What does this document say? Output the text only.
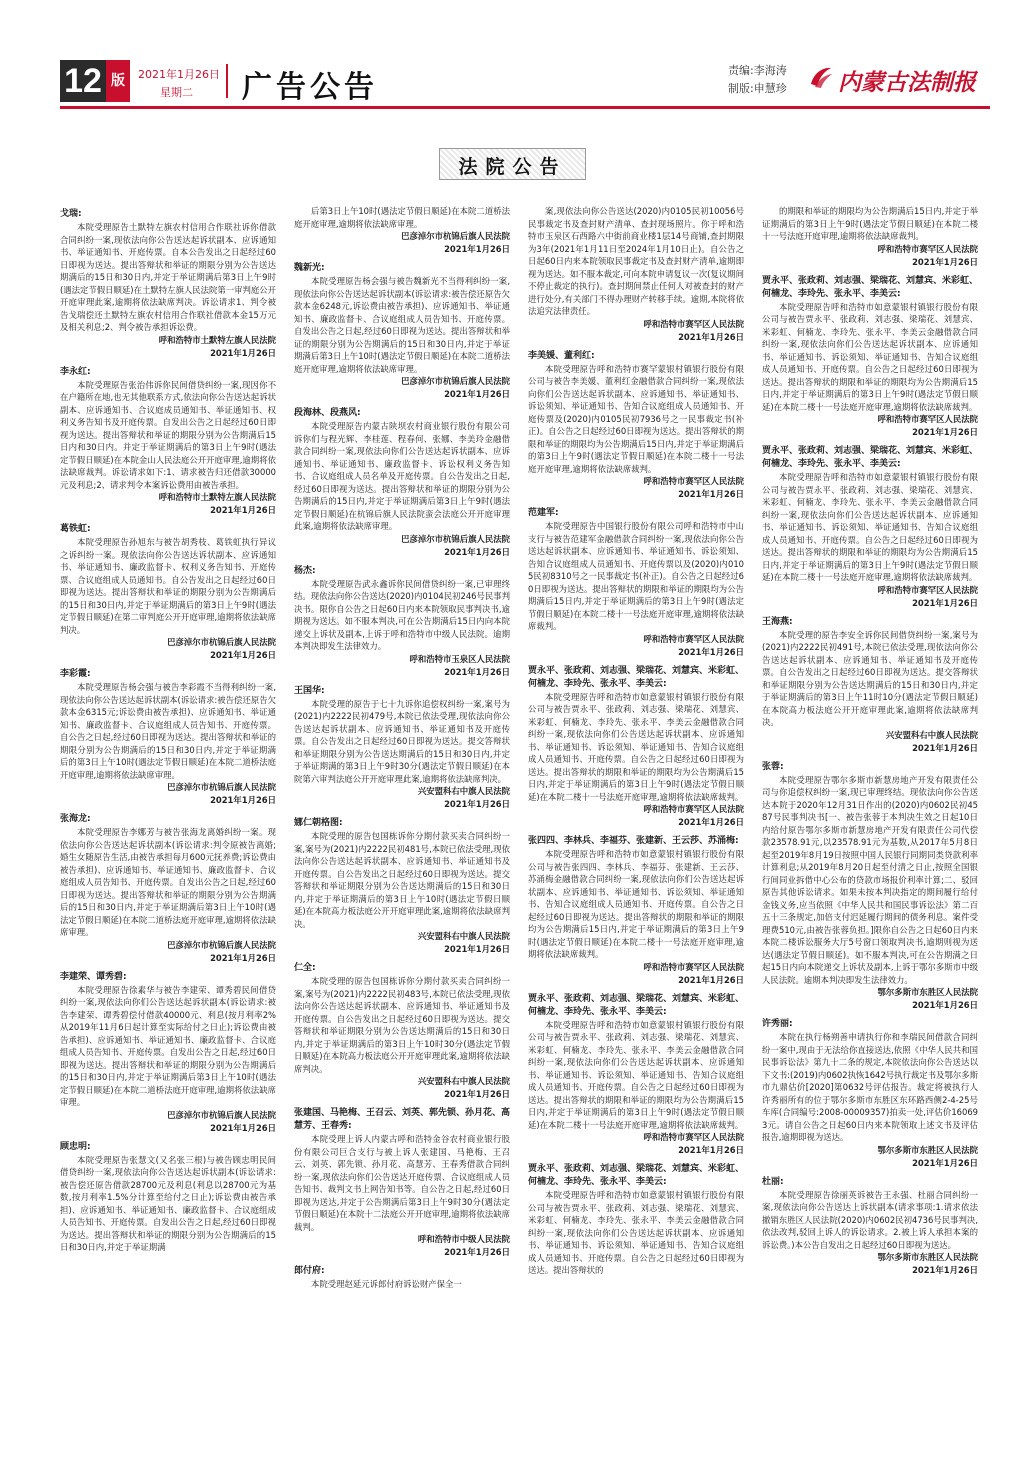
12 版	2021年1月26日
星期二 广告公告	责编:李海涛
制版:申慧珍 内蒙古法制报
法院公告
戈瑞:
本院受理原告土默特左旗农村信用合作联社诉你借款合同纠纷一案,现依法向你公告送达起诉状副本、应诉通知书、举证通知书、开庭传票。自本公告发出之日起经过60日即视为送达。提出答辩状和举证的期限分别为公告送达期满后的15日和30日内,并定于举证期满后第3日上午9时(遇法定节假日顺延)在土默特左旗人民法院第一审判庭公开开庭审理此案,逾期将依法缺席判决。诉讼请求1、判令被告戈瑞偿还土默特左旗农村信用合作联社借款本金15万元及相关利息;2、判令被告承担诉讼费。
呼和浩特市土默特左旗人民法院
2021年1月26日
李永红:
本院受理原告张治伟诉你民间借贷纠纷一案,现因你不在户籍所在地,也无其他联系方式,依法向你公告送达起诉状副本、应诉通知书、合议庭成员通知书、举证通知书、权利义务告知书及开庭传票。自发出公告之日起经过60日即视为送达。提出答辩状和举证的期限分别为公告期满后15日内和30日内。并定于举证期满后的第3日上午9时(遇法定节假日顺延)在本院金山人民法庭公开开庭审理,逾期将依法缺席裁判。诉讼请求如下:1、请求被告归还借款30000元及利息;2、请求判令本案诉讼费用由被告承担。
呼和浩特市土默特左旗人民法院
2021年1月26日
葛铁虹:
本院受理原告孙旭东与被告胡秀枝、葛铁虹执行异议之诉纠纷一案。现依法向你公告送达诉状副本、应诉通知书、举证通知书、廉政监督卡、权利义务告知书、开庭传票、合议庭组成人员通知书。自公告发出之日起经过60日即视为送达。提出答辩状和举证的期限分别为公告期满后的15日和30日内,并定于举证期满后的第3日上午9时(遇法定节假日顺延)在第二审判庭公开开庭审理,逾期将依法缺席判决。
巴彦淖尔市杭锦后旗人民法院
2021年1月26日
李彩霞:
本院受理原告杨会强与被告李彩霞不当得利纠纷一案,现依法向你公告送达起诉状副本(诉讼请求:被告偿还原告欠款本金6315元;诉讼费由被告承担)、应诉通知书、举证通知书、廉政监督卡、合议庭组成人员告知书、开庭传票。自公告之日起,经过60日即视为送达。提出答辩状和举证的期限分别为公告期满后的15日和30日内,并定于举证期满后的第3日上午10时(遇法定节假日顺延)在本院二道桥法庭开庭审理,逾期将依法缺席审理。
巴彦淖尔市杭锦后旗人民法院
2021年1月26日
张海龙:
本院受理原告李娜芳与被告张海龙离婚纠纷一案。现依法向你公告送达起诉状副本(诉讼请求:判令原被告离婚;婚生女随原告生活,由被告承担每月600元抚养费;诉讼费由被告承担)、应诉通知书、举证通知书、廉政监督卡、合议庭组成人员告知书、开庭传票。自发出公告之日起,经过60日即视为送达。提出答辩状和举证的期限分别为公告期满后的15日和30日内,并定于举证期满后第3日上午10时(遇法定节假日顺延)在本院二道桥法庭开庭审理,逾期将依法缺席审理。
巴彦淖尔市杭锦后旗人民法院
2021年1月26日
李建荣、谭秀碧:
本院受理原告徐素华与被告李建荣、谭秀碧民间借贷纠纷一案,现依法向你们公告送达起诉状副本(诉讼请求:被告李建荣、谭秀碧偿付借款40000元、利息(按月利率2%从2019年11月6日起计算至实际给付之日止);诉讼费由被告承担)、应诉通知书、举证通知书、廉政监督卡、合议庭组成人员告知书、开庭传票。自发出公告之日起,经过60日即视为送达。提出答辩状和举证的期限分别为公告期满后的15日和30日内,并定于举证期满后第3日上午10时(遇法定节假日顺延)在本院二道桥法庭开庭审理,逾期将依法缺席审理。
巴彦淖尔市杭锦后旗人民法院
2021年1月26日
顾忠明:
本院受理原告张慧文(又名张三根)与被告顾忠明民间借贷纠纷一案,现依法向你公告送达起诉状副本(诉讼请求:被告偿还原告借款28700元及利息(利息以28700元为基数,按月利率1.5%分计算至给付之日止);诉讼费由被告承担)、应诉通知书、举证通知书、廉政监督卡、合议庭组成人员告知书、开庭传票。自发出公告之日起,经过60日即视为送达。提出答辩状和举证的期限分别为公告期满后的15日和30日内,并定于举证期满
后第3日上午10时(遇法定节假日顺延)在本院二道桥法庭开庭审理,逾期将依法缺席审理。
巴彦淖尔市杭锦后旗人民法院
2021年1月26日
魏新光:
本院受理原告杨会强与被告魏新光不当得利纠纷一案,现依法向你公告送达起诉状副本(诉讼请求:被告偿还原告欠款本金6248元,诉讼费由被告承担)、应诉通知书、举证通知书、廉政监督卡、合议庭组成人员告知书、开庭传票。自发出公告之日起,经过60日即视为送达。提出答辩状和举证的期限分别为公告期满后的15日和30日内,并定于举证期满后第3日上午10时(遇法定节假日顺延)在本院二道桥法庭开庭审理,逾期将依法缺席审理。
巴彦淖尔市杭锦后旗人民法院
2021年1月26日
段海林、段燕风:
本院受理原告内蒙古陕坝农村商业银行股份有限公司诉你们与程光辉、李桂莲、程春何、张娜、李美玲金融借款合同纠纷一案,现依法向你们公告送达起诉状副本、应诉通知书、举证通知书、廉政监督卡、诉讼权利义务告知书、合议庭组成人员名单及开庭传票。自公告发出之日起,经过60日即视为送达。提出答辩状和举证的期限分别为公告期满后的15日内,并定于举证期满后第3日上午9时(遇法定节假日顺延)在杭锦后旗人民法院蛮会法庭公开开庭审理此案,逾期将依法缺席审理。
巴彦淖尔市杭锦后旗人民法院
2021年1月26日
杨杰:
本院受理原告武永鑫诉你民间借贷纠纷一案,已审理终结。现依法向你公告送达(2020)内0104民初246号民事判决书。限你自公告之日起60日内来本院领取民事判决书,逾期视为送达。如不服本判决,可在公告期满后15日内向本院递交上诉状及副本,上诉于呼和浩特市中级人民法院。逾期本判决即发生法律效力。
呼和浩特市玉泉区人民法院
2021年1月26日
王国华:
本院受理的原告于七十九诉你追偿权纠纷一案,案号为(2021)内2222民初479号,本院已依法受理,现依法向你公告送达起诉状副本、应诉通知书、举证通知书及开庭传票。自公告发出之日起经过60日即视为送达。提交答辩状和举证期限分别为公告送达期满后的15日和30日内,并定于举证期满的第3日上午9时30分(遇法定节假日顺延)在本院第六审判法庭公开开庭审理此案,逾期将依法缺席判决。
兴安盟科右中旗人民法院
2021年1月26日
娜仁朝格图:
本院受理的原告包国栋诉你分期付款买卖合同纠纷一案,案号为(2021)内2222民初481号,本院已依法受理,现依法向你公告送达起诉状副本、应诉通知书、举证通知书及开庭传票。自公告发出之日起经过60日即视为送达。提交答辩状和举证期限分别为公告送达期满后的15日和30日内,并定于举证期满后的第3日上午10时(遇法定节假日顺延)在本院高力板法庭公开开庭审理此案,逾期将依法缺席判决。
兴安盟科右中旗人民法院
2021年1月26日
仁全:
本院受理的原告包国栋诉你分期付款买卖合同纠纷一案,案号为(2021)内2222民初483号,本院已依法受理,现依法向你公告送达起诉状副本、应诉通知书、举证通知书及开庭传票。自公告发出之日起经过60日即视为送达。提交答辩状和举证期限分别为公告送达期满后的15日和30日内,并定于举证期满后的第3日上午10时30分(遇法定节假日顺延)在本院高力板法庭公开开庭审理此案,逾期将依法缺席判决。
兴安盟科右中旗人民法院
2021年1月26日
张建国、马艳梅、王召云、刘英、郭先锁、孙月花、高慧芳、王春秀:
本院受理上诉人内蒙古呼和浩特金谷农村商业银行股份有限公司巨合支行与被上诉人张建国、马艳梅、王召云、刘英、郭先锁、孙月花、高慧芳、王春秀借款合同纠纷一案,现依法向你们公告送达开庭传票、合议庭组成人员告知书、裁判文书上网告知书等。自公告之日起,经过60日即视为送达,并定于公告期满后第3日上午9时30分(遇法定节假日顺延)在本院十二法庭公开开庭审理,逾期将依法缺席裁判。
呼和浩特市中级人民法院
2021年1月26日
郎付府:
本院受理赵延元诉郎付府诉讼财产保全一
案,现依法向你公告送达(2020)内0105民初10056号民事裁定书及查封财产清单、查封现场照片。你于呼和浩特市玉泉区石西路六中街前商业楼1层14号商铺,查封期限为3年(2021年1月11日至2024年1月10日止)。自公告之日起60日内来本院领取民事裁定书及查封财产清单,逾期即视为送达。如不服本裁定,可向本院申请复议一次(复议期间不停止裁定的执行)。查封期间禁止任何人对被查封的财产进行处分,有关部门不得办理财产转移手续。逾期,本院将依法追究法律责任。
呼和浩特市赛罕区人民法院
2021年1月26日
李美媛、董利红:
本院受理原告呼和浩特市赛罕蒙银村镇银行股份有限公司与被告李美媛、董利红金融借款合同纠纷一案,现依法向你们公告送达起诉状副本、应诉通知书、举证通知书、诉讼须知、举证通知书、告知合议庭组成人员通知书、开庭传票及(2020)内0105民初7936号之一民事裁定书(补正)。自公告之日起经过60日即视为送达。提出答辩状的期限和举证的期限均为公告期满后15日内,并定于举证期满后的第3日上午9时(遇法定节假日顺延)在本院二楼十一号法庭开庭审理,逾期将依法缺席裁判。
呼和浩特市赛罕区人民法院
2021年1月26日
范建军:
本院受理原告中国银行股份有限公司呼和浩特市中山支行与被告范建军金融借款合同纠纷一案,现依法向你公告送达起诉状副本、应诉通知书、举证通知书、诉讼须知、告知合议庭组成人员通知书、开庭传票以及(2020)内0105民初8310号之一民事裁定书(补正)。自公告之日起经过60日即视为送达。提出答辩状的期限和举证的期限均为公告期满后15日内,并定于举证期满后的第3日上午9时(遇法定节假日顺延)在本院二楼十一号法庭开庭审理,逾期将依法缺席裁判。
呼和浩特市赛罕区人民法院
2021年1月26日
贾永平、张政莉、刘志强、梁瑞花、刘慧宾、米彩虹、何楠龙、李玲先、张永平、李美云:
本院受理原告呼和浩特市如意蒙银村镇银行股份有限公司与被告贾永平、张政莉、刘志强、梁瑞花、刘慧宾、米彩虹、何楠龙、李玲先、张永平、李美云金融借款合同纠纷一案,现依法向你们公告送达起诉状副本、应诉通知书、举证通知书、诉讼须知、举证通知书、告知合议庭组成人员通知书、开庭传票。自公告之日起经过60日即视为送达。提出答辩状的期限和举证的期限均为公告期满后15日内,并定于举证期满后的第3日上午9时(遇法定节假日顺延)在本院二楼十一号法庭开庭审理,逾期将依法缺席裁判。
呼和浩特市赛罕区人民法院
2021年1月26日
张四四、李林兵、李福芬、张建新、王云莎、苏涌梅:
本院受理原告呼和浩特市如意蒙银村镇银行股份有限公司与被告张四四、李林兵、李福芬、张建新、王云莎、苏涌梅金融借款合同纠纷一案,现依法向你们公告送达起诉状副本、应诉通知书、举证通知书、诉讼须知、举证通知书、告知合议庭组成人员通知书、开庭传票。自公告之日起经过60日即视为送达。提出答辩状的期限和举证的期限均为公告期满后15日内,并定于举证期满后的第3日上午9时(遇法定节假日顺延)在本院二楼十一号法庭开庭审理,逾期将依法缺席裁判。
呼和浩特市赛罕区人民法院
2021年1月26日
贾永平、张政莉、刘志强、梁瑞花、刘慧宾、米彩虹、何楠龙、李玲先、张永平、李美云:
本院受理原告呼和浩特市如意蒙银村镇银行股份有限公司与被告贾永平、张政莉、刘志强、梁瑞花、刘慧宾、米彩虹、何楠龙、李玲先、张永平、李美云金融借款合同纠纷一案,现依法向你们公告送达起诉状副本、应诉通知书、举证通知书、诉讼须知、举证通知书、告知合议庭组成人员通知书、开庭传票。自公告之日起经过60日即视为送达。提出答辩状的期限和举证的期限均为公告期满后15日内,并定于举证期满后的第3日上午9时(遇法定节假日顺延)在本院二楼十一号法庭开庭审理,逾期将依法缺席裁判。
呼和浩特市赛罕区人民法院
2021年1月26日
贾永平、张政莉、刘志强、梁瑞花、刘慧宾、米彩虹、何楠龙、李玲先、张永平、李美云:
本院受理原告呼和浩特市如意蒙银村镇银行股份有限公司与被告贾永平、张政莉、刘志强、梁瑞花、刘慧宾、米彩虹、何楠龙、李玲先、张永平、李美云金融借款合同纠纷一案,现依法向你们公告送达起诉状副本、应诉通知书、举证通知书、诉讼须知、举证通知书、告知合议庭组成人员通知书、开庭传票。自公告之日起经过60日即视为送达。提出答辩状的
的期限和举证的期限均为公告期满后15日内,并定于举证期满后的第3日上午9时(遇法定节假日顺延)在本院二楼十一号法庭开庭审理,逾期将依法缺席裁判。
呼和浩特市赛罕区人民法院
2021年1月26日
贾永平、张政莉、刘志强、梁瑞花、刘慧宾、米彩虹、何楠龙、李玲先、张永平、李美云:
本院受理原告呼和浩特市如意蒙银村镇银行股份有限公司与被告贾永平、张政莉、刘志强、梁瑞花、刘慧宾、米彩虹、何楠龙、李玲先、张永平、李美云金融借款合同纠纷一案,现依法向你们公告送达起诉状副本、应诉通知书、举证通知书、诉讼须知、举证通知书、告知合议庭组成人员通知书、开庭传票。自公告之日起经过60日即视为送达。提出答辩状的期限和举证的期限均为公告期满后15日内,并定于举证期满后的第3日上午9时(遇法定节假日顺延)在本院二楼十一号法庭开庭审理,逾期将依法缺席裁判。
呼和浩特市赛罕区人民法院
2021年1月26日
贾永平、张政莉、刘志强、梁瑞花、刘慧宾、米彩虹、何楠龙、李玲先、张永平、李美云:
本院受理原告呼和浩特市如意蒙银村镇银行股份有限公司与被告贾永平、张政莉、刘志强、梁瑞花、刘慧宾、米彩虹、何楠龙、李玲先、张永平、李美云金融借款合同纠纷一案,现依法向你们公告送达起诉状副本、应诉通知书、举证通知书、诉讼须知、举证通知书、告知合议庭组成人员通知书、开庭传票。自公告之日起经过60日即视为送达。提出答辩状的期限和举证的期限均为公告期满后15日内,并定于举证期满后的第3日上午9时(遇法定节假日顺延)在本院二楼十一号法庭开庭审理,逾期将依法缺席裁判。
呼和浩特市赛罕区人民法院
2021年1月26日
王海燕:
本院受理的原告李安全诉你民间借贷纠纷一案,案号为(2021)内2222民初491号,本院已依法受理,现依法向你公告送达起诉状副本、应诉通知书、举证通知书及开庭传票。自公告发出之日起经过60日即视为送达。提交答辩状和举证期限分别为公告送达期满后的15日和30日内,并定于举证期满后的第3日上午11时10分(遇法定节假日顺延)在本院高力板法庭公开开庭审理此案,逾期将依法缺席判决。
兴安盟科右中旗人民法院
2021年1月26日
张蓉:
本院受理原告鄂尔多斯市新慧房地产开发有限责任公司与你追偿权纠纷一案,现已审理终结。现依法向你公告送达本院于2020年12月31日作出的(2020)内0602民初4587号民事判决书[一、被告张蓉于本判决生效之日起10日内给付原告鄂尔多斯市新慧房地产开发有限责任公司代偿款23578.91元,以23578.91元为基数,从2017年5月8日起至2019年8月19日按照中国人民银行同期同类贷款利率计算利息;从2019年8月20日起至付清之日止,按照全国银行间同业拆借中心公布的贷款市场报价利率计算;二、驳回原告其他诉讼请求。如果未按本判决指定的期间履行给付金钱义务,应当依照《中华人民共和国民事诉讼法》第二百五十三条规定,加倍支付迟延履行期间的债务利息。案件受理费510元,由被告张蓉负担。]限你自公告之日起60日内来本院二楼诉讼服务大厅5号窗口领取判决书,逾期则视为送达(遇法定节假日顺延)。如不服本判决,可在公告期满之日起15日内向本院递交上诉状及副本,上诉于鄂尔多斯市中级人民法院。逾期本判决即发生法律效力。
鄂尔多斯市东胜区人民法院
2021年1月26日
许秀丽:
本院在执行杨朔善申请执行你和李瑞民间借款合同纠纷一案中,现由于无法给你直接送达,依照《中华人民共和国民事诉讼法》第九十二条的规定,本院依法向你公告送达以下文书:(2019)内0602执恢1642号执行裁定书及鄂尔多斯市九鼎估价[2020]第0632号评估报告。裁定将被执行人许秀丽所有的位于鄂尔多斯市东胜区东环路西侧2-4-25号车库(合同编号:2008-00009357)拍卖一处,评估价160693元。请自公告之日起60日内来本院领取上述文书及评估报告,逾期即视为送达。
鄂尔多斯市东胜区人民法院
2021年1月26日
杜丽:
本院受理原告徐丽英诉被告王永强、杜丽合同纠纷一案,现依法向你公告送达上诉状副本(请求事项:1.请求依法撤销东胜区人民法院(2020)内0602民初4736号民事判决,依法改判,驳回上诉人的诉讼请求。2.被上诉人承担本案的诉讼费。)本公告自发出之日起经过60日即视为送达。
鄂尔多斯市东胜区人民法院
2021年1月26日
